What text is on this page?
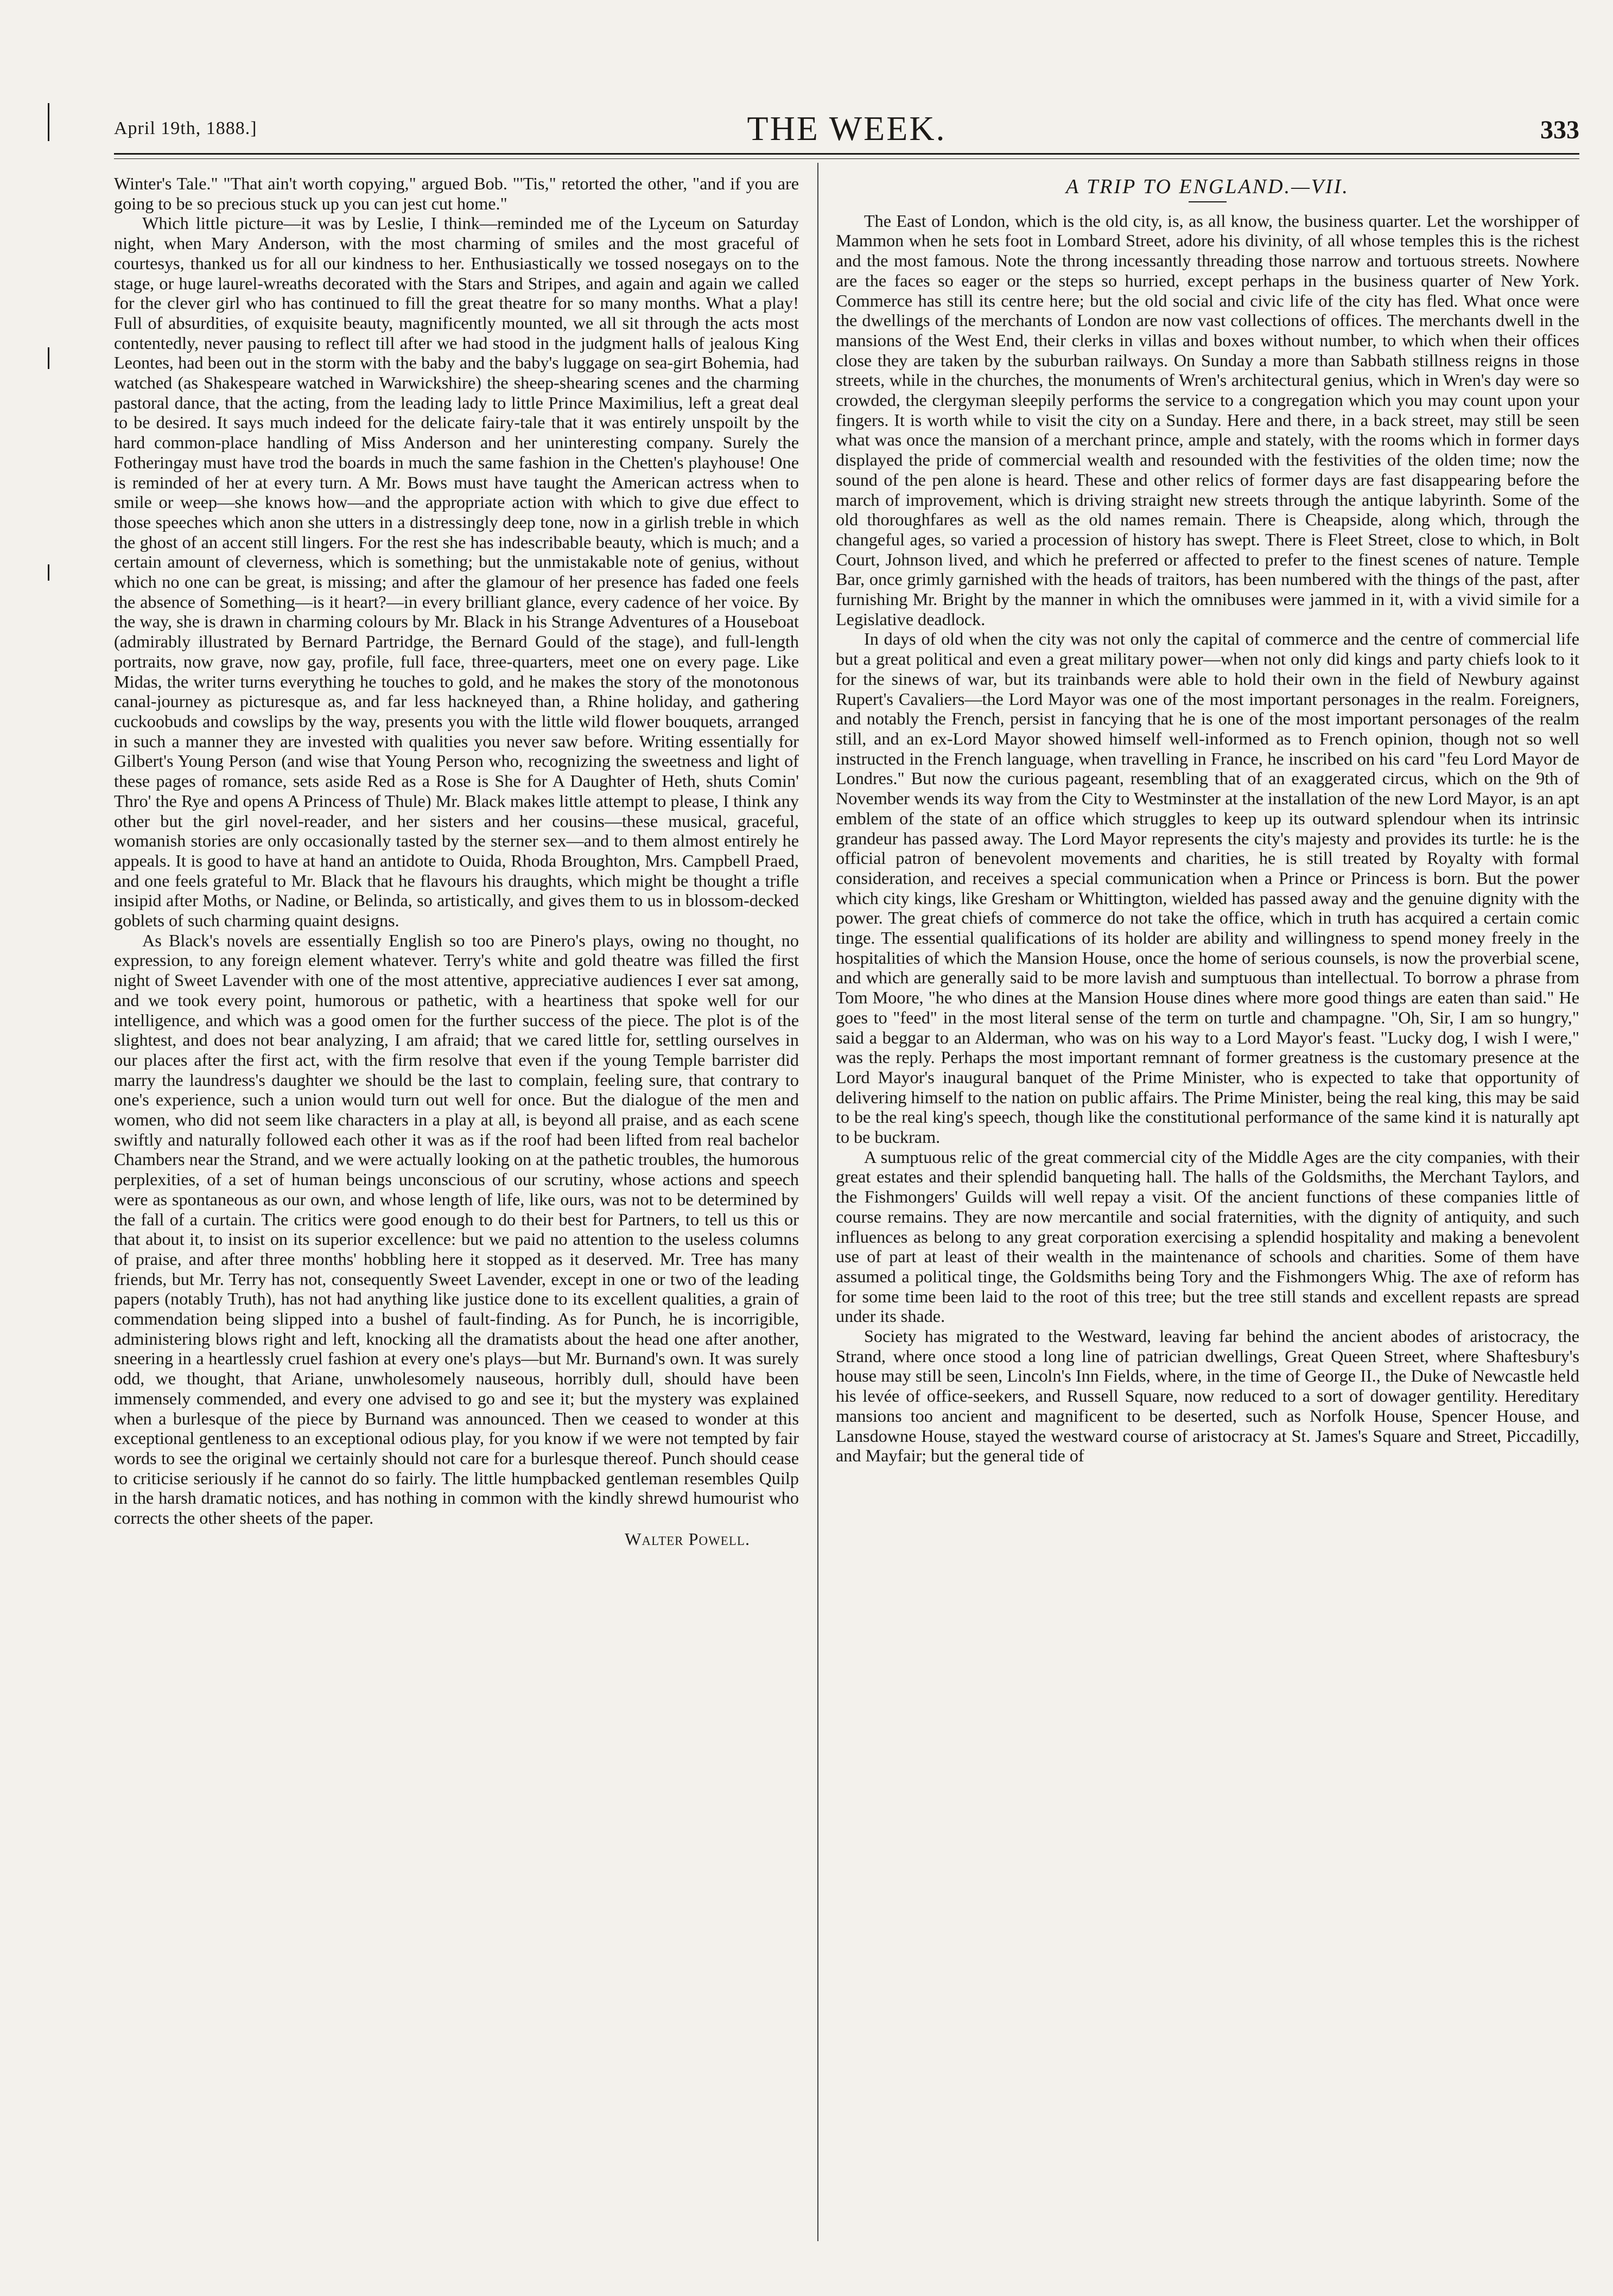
April 19th, 1888.]	THE WEEK.	333

Winter's Tale." "That ain't worth copying," argued Bob. "'Tis," retorted the other, "and if you are going to be so precious stuck up you can jest cut home."

Which little picture—it was by Leslie, I think—reminded me of the Lyceum on Saturday night, when Mary Anderson, with the most charming of smiles and the most graceful of courtesys, thanked us for all our kindness to her. Enthusiastically we tossed nosegays on to the stage, or huge laurel-wreaths decorated with the Stars and Stripes, and again and again we called for the clever girl who has continued to fill the great theatre for so many months. What a play! Full of absurdities, of exquisite beauty, magnificently mounted, we all sit through the acts most contentedly, never pausing to reflect till after we had stood in the judgment halls of jealous King Leontes, had been out in the storm with the baby and the baby's luggage on sea-girt Bohemia, had watched (as Shakespeare watched in Warwickshire) the sheep-shearing scenes and the charming pastoral dance, that the acting, from the leading lady to little Prince Maximilius, left a great deal to be desired. It says much indeed for the delicate fairy-tale that it was entirely unspoilt by the hard common-place handling of Miss Anderson and her uninteresting company. Surely the Fotheringay must have trod the boards in much the same fashion in the Chetten's playhouse! One is reminded of her at every turn. A Mr. Bows must have taught the American actress when to smile or weep—she knows how—and the appropriate action with which to give due effect to those speeches which anon she utters in a distressingly deep tone, now in a girlish treble in which the ghost of an accent still lingers. For the rest she has indescribable beauty, which is much; and a certain amount of cleverness, which is something; but the unmistakable note of genius, without which no one can be great, is missing; and after the glamour of her presence has faded one feels the absence of Something—is it heart?—in every brilliant glance, every cadence of her voice. By the way, she is drawn in charming colours by Mr. Black in his Strange Adventures of a Houseboat (admirably illustrated by Bernard Partridge, the Bernard Gould of the stage), and full-length portraits, now grave, now gay, profile, full face, three-quarters, meet one on every page. Like Midas, the writer turns everything he touches to gold, and he makes the story of the monotonous canal-journey as picturesque as, and far less hackneyed than, a Rhine holiday, and gathering cuckoobuds and cowslips by the way, presents you with the little wild flower bouquets, arranged in such a manner they are invested with qualities you never saw before. Writing essentially for Gilbert's Young Person (and wise that Young Person who, recognizing the sweetness and light of these pages of romance, sets aside Red as a Rose is She for A Daughter of Heth, shuts Comin' Thro' the Rye and opens A Princess of Thule) Mr. Black makes little attempt to please, I think any other but the girl novel-reader, and her sisters and her cousins—these musical, graceful, womanish stories are only occasionally tasted by the sterner sex—and to them almost entirely he appeals. It is good to have at hand an antidote to Ouida, Rhoda Broughton, Mrs. Campbell Praed, and one feels grateful to Mr. Black that he flavours his draughts, which might be thought a trifle insipid after Moths, or Nadine, or Belinda, so artistically, and gives them to us in blossom-decked goblets of such charming quaint designs.

As Black's novels are essentially English so too are Pinero's plays, owing no thought, no expression, to any foreign element whatever. Terry's white and gold theatre was filled the first night of Sweet Lavender with one of the most attentive, appreciative audiences I ever sat among, and we took every point, humorous or pathetic, with a heartiness that spoke well for our intelligence, and which was a good omen for the further success of the piece. The plot is of the slightest, and does not bear analyzing, I am afraid; that we cared little for, settling ourselves in our places after the first act, with the firm resolve that even if the young Temple barrister did marry the laundress's daughter we should be the last to complain, feeling sure, that contrary to one's experience, such a union would turn out well for once. But the dialogue of the men and women, who did not seem like characters in a play at all, is beyond all praise, and as each scene swiftly and naturally followed each other it was as if the roof had been lifted from real bachelor Chambers near the Strand, and we were actually looking on at the pathetic troubles, the humorous perplexities, of a set of human beings unconscious of our scrutiny, whose actions and speech were as spontaneous as our own, and whose length of life, like ours, was not to be determined by the fall of a curtain. The critics were good enough to do their best for Partners, to tell us this or that about it, to insist on its superior excellence: but we paid no attention to the useless columns of praise, and after three months' hobbling here it stopped as it deserved. Mr. Tree has many friends, but Mr. Terry has not, consequently Sweet Lavender, except in one or two of the leading papers (notably Truth), has not had anything like justice done to its excellent qualities, a grain of commendation being slipped into a bushel of fault-finding. As for Punch, he is incorrigible, administering blows right and left, knocking all the dramatists about the head one after another, sneering in a heartlessly cruel fashion at every one's plays—but Mr. Burnand's own. It was surely odd, we thought, that Ariane, unwholesomely nauseous, horribly dull, should have been immensely commended, and every one advised to go and see it; but the mystery was explained when a burlesque of the piece by Burnand was announced. Then we ceased to wonder at this exceptional gentleness to an exceptional odious play, for you know if we were not tempted by fair words to see the original we certainly should not care for a burlesque thereof. Punch should cease to criticise seriously if he cannot do so fairly. The little humpbacked gentleman resembles Quilp in the harsh dramatic notices, and has nothing in common with the kindly shrewd humourist who corrects the other sheets of the paper.

Walter Powell.
A TRIP TO ENGLAND.—VII.

The East of London, which is the old city, is, as all know, the business quarter. Let the worshipper of Mammon when he sets foot in Lombard Street, adore his divinity, of all whose temples this is the richest and the most famous. Note the throng incessantly threading those narrow and tortuous streets. Nowhere are the faces so eager or the steps so hurried, except perhaps in the business quarter of New York. Commerce has still its centre here; but the old social and civic life of the city has fled. What once were the dwellings of the merchants of London are now vast collections of offices. The merchants dwell in the mansions of the West End, their clerks in villas and boxes without number, to which when their offices close they are taken by the suburban railways. On Sunday a more than Sabbath stillness reigns in those streets, while in the churches, the monuments of Wren's architectural genius, which in Wren's day were so crowded, the clergyman sleepily performs the service to a congregation which you may count upon your fingers. It is worth while to visit the city on a Sunday. Here and there, in a back street, may still be seen what was once the mansion of a merchant prince, ample and stately, with the rooms which in former days displayed the pride of commercial wealth and resounded with the festivities of the olden time; now the sound of the pen alone is heard. These and other relics of former days are fast disappearing before the march of improvement, which is driving straight new streets through the antique labyrinth. Some of the old thoroughfares as well as the old names remain. There is Cheapside, along which, through the changeful ages, so varied a procession of history has swept. There is Fleet Street, close to which, in Bolt Court, Johnson lived, and which he preferred or affected to prefer to the finest scenes of nature. Temple Bar, once grimly garnished with the heads of traitors, has been numbered with the things of the past, after furnishing Mr. Bright by the manner in which the omnibuses were jammed in it, with a vivid simile for a Legislative deadlock.

In days of old when the city was not only the capital of commerce and the centre of commercial life but a great political and even a great military power—when not only did kings and party chiefs look to it for the sinews of war, but its trainbands were able to hold their own in the field of Newbury against Rupert's Cavaliers—the Lord Mayor was one of the most important personages in the realm. Foreigners, and notably the French, persist in fancying that he is one of the most important personages of the realm still, and an ex-Lord Mayor showed himself well-informed as to French opinion, though not so well instructed in the French language, when travelling in France, he inscribed on his card "feu Lord Mayor de Londres." But now the curious pageant, resembling that of an exaggerated circus, which on the 9th of November wends its way from the City to Westminster at the installation of the new Lord Mayor, is an apt emblem of the state of an office which struggles to keep up its outward splendour when its intrinsic grandeur has passed away. The Lord Mayor represents the city's majesty and provides its turtle: he is the official patron of benevolent movements and charities, he is still treated by Royalty with formal consideration, and receives a special communication when a Prince or Princess is born. But the power which city kings, like Gresham or Whittington, wielded has passed away and the genuine dignity with the power. The great chiefs of commerce do not take the office, which in truth has acquired a certain comic tinge. The essential qualifications of its holder are ability and willingness to spend money freely in the hospitalities of which the Mansion House, once the home of serious counsels, is now the proverbial scene, and which are generally said to be more lavish and sumptuous than intellectual. To borrow a phrase from Tom Moore, "he who dines at the Mansion House dines where more good things are eaten than said." He goes to "feed" in the most literal sense of the term on turtle and champagne. "Oh, Sir, I am so hungry," said a beggar to an Alderman, who was on his way to a Lord Mayor's feast. "Lucky dog, I wish I were," was the reply. Perhaps the most important remnant of former greatness is the customary presence at the Lord Mayor's inaugural banquet of the Prime Minister, who is expected to take that opportunity of delivering himself to the nation on public affairs. The Prime Minister, being the real king, this may be said to be the real king's speech, though like the constitutional performance of the same kind it is naturally apt to be buckram.

A sumptuous relic of the great commercial city of the Middle Ages are the city companies, with their great estates and their splendid banqueting hall. The halls of the Goldsmiths, the Merchant Taylors, and the Fishmongers' Guilds will well repay a visit. Of the ancient functions of these companies little of course remains. They are now mercantile and social fraternities, with the dignity of antiquity, and such influences as belong to any great corporation exercising a splendid hospitality and making a benevolent use of part at least of their wealth in the maintenance of schools and charities. Some of them have assumed a political tinge, the Goldsmiths being Tory and the Fishmongers Whig. The axe of reform has for some time been laid to the root of this tree; but the tree still stands and excellent repasts are spread under its shade.

Society has migrated to the Westward, leaving far behind the ancient abodes of aristocracy, the Strand, where once stood a long line of patrician dwellings, Great Queen Street, where Shaftesbury's house may still be seen, Lincoln's Inn Fields, where, in the time of George II., the Duke of Newcastle held his levée of office-seekers, and Russell Square, now reduced to a sort of dowager gentility. Hereditary mansions too ancient and magnificent to be deserted, such as Norfolk House, Spencer House, and Lansdowne House, stayed the westward course of aristocracy at St. James's Square and Street, Piccadilly, and Mayfair; but the general tide of
